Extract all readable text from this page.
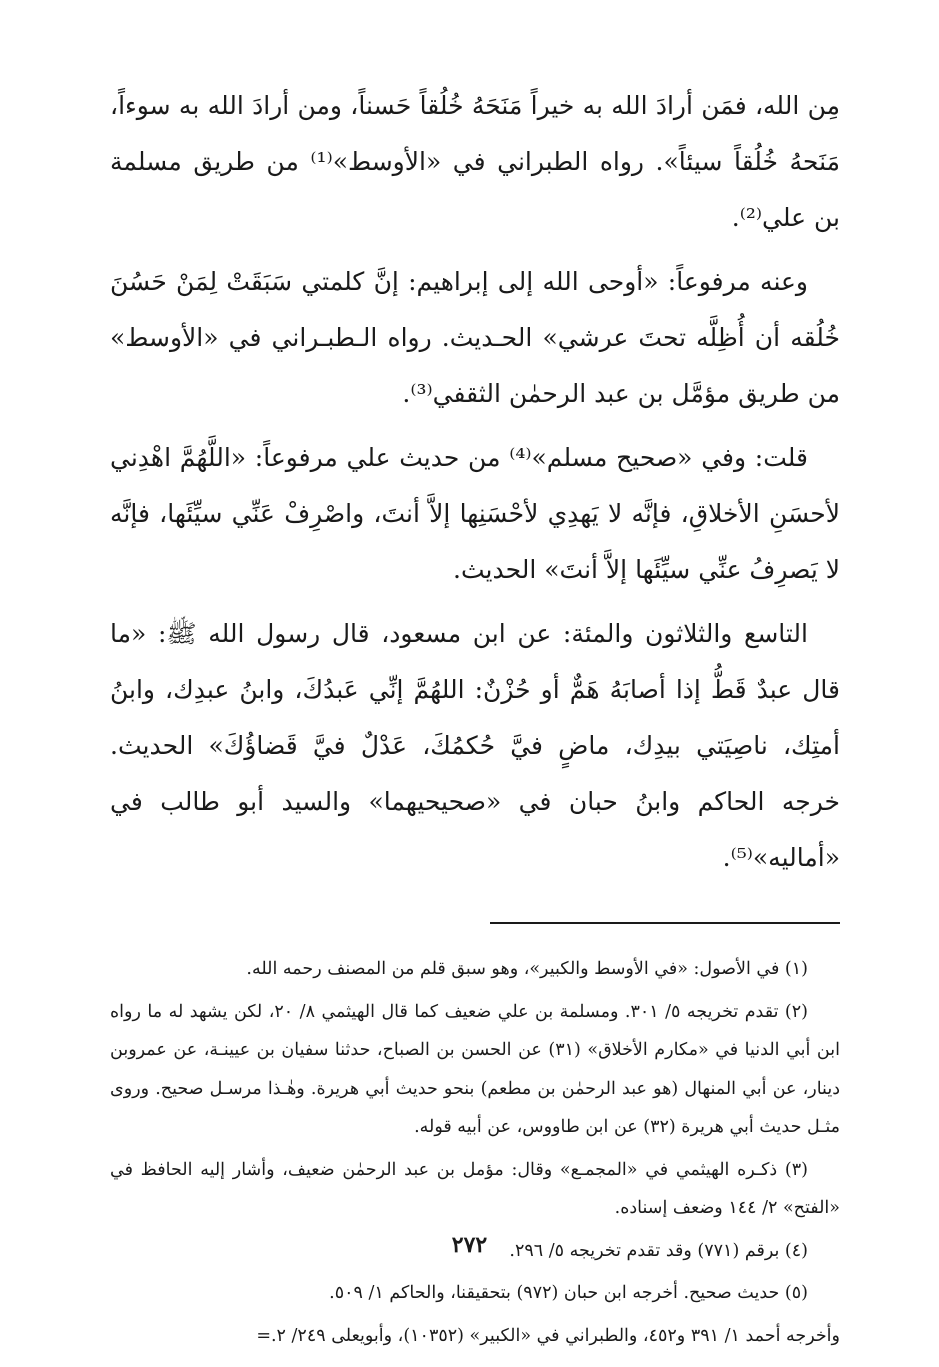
مِن الله، فمَن أرادَ الله به خيراً مَنَحَهُ خُلُقاً حَسناً، ومن أرادَ الله به سوءاً، مَنَحهُ خُلُقاً سيئاً». رواه الطبراني في «الأوسط»⁽¹⁾ من طريق مسلمة بن علي⁽²⁾.

وعنه مرفوعاً: «أوحى الله إلى إبراهيم: إنَّ كلمتي سَبَقَتْ لِمَنْ حَسُنَ خُلُقه أن أُظِلَّه تحتَ عرشي» الحـديث. رواه الـطبـراني في «الأوسط» من طريق مؤمَّل بن عبد الرحمٰن الثقفي⁽³⁾.

قلت: وفي «صحيح مسلم»⁽⁴⁾ من حديث علي مرفوعاً: «اللَّهُمَّ اهْدِني لأحسَنِ الأخلاقِ، فإنَّه لا يَهدِي لأحْسَنِها إلاَّ أنتَ، واصْرِفْ عَنِّي سيِّئَها، فإنَّه لا يَصرِفُ عنِّي سيِّئَها إلاَّ أنتَ» الحديث.

التاسع والثلاثون والمئة: عن ابن مسعود، قال رسول الله ﷺ: «ما قال عبدٌ قَطُّ إذا أصابَهُ هَمٌّ أو حُزْنٌ: اللهُمَّ إنِّي عَبدُكَ، وابنُ عبدِك، وابنُ أمتِك، ناصِيَتي بيدِك، ماضٍ فيَّ حُكمُكَ، عَدْلٌ فيَّ قَضاؤُكَ» الحديث. خرجه الحاكم وابنُ حبان في «صحيحيهما» والسيد أبو طالب في «أماليه»⁽⁵⁾.

(١) في الأصول: «في الأوسط والكبير»، وهو سبق قلم من المصنف رحمه الله.

(٢) تقدم تخريجه ٥/ ٣٠١. ومسلمة بن علي ضعيف كما قال الهيثمي ٨/ ٢٠، لكن يشهد له ما رواه ابن أبي الدنيا في «مكارم الأخلاق» (٣١) عن الحسن بن الصباح، حدثنا سفيان بن عيينـة، عن عمروبن دينار، عن أبي المنهال (هو عبد الرحمٰن بن مطعم) بنحو حديث أبي هريرة. وهٰـذا مرسـل صحيح. وروى مثـل حديث أبي هريرة (٣٢) عن ابن طاووس، عن أبيه قوله.

(٣) ذكـره الهيثمي في «المجمـع» وقال: مؤمل بن عبد الرحمٰن ضعيف، وأشار إليه الحافظ في «الفتح» ٢/ ١٤٤ وضعف إسناده.

(٤) برقم (٧٧١) وقد تقدم تخريجه ٥/ ٢٩٦.

(٥) حديث صحيح. أخرجه ابن حبان (٩٧٢) بتحقيقنا، والحاكم ١/ ٥٠٩.

وأخرجه أحمد ١/ ٣٩١ و٤٥٢، والطبراني في «الكبير» (١٠٣٥٢)، وأبويعلى ٢٤٩/ ٢.=

٢٧٢
